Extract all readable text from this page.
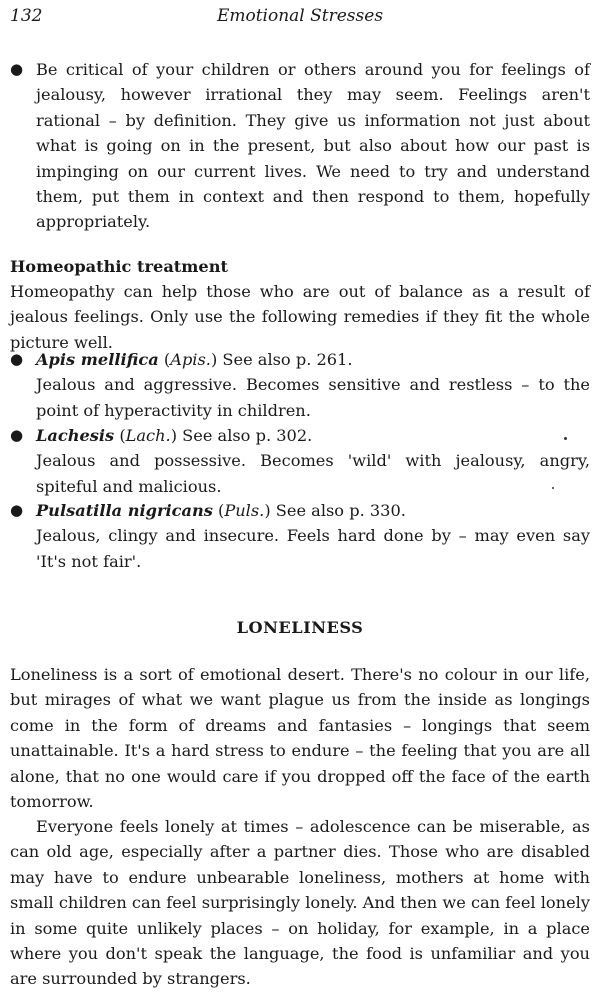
132	Emotional Stresses
● Be critical of your children or others around you for feelings of jealousy, however irrational they may seem. Feelings aren't rational – by definition. They give us information not just about what is going on in the present, but also about how our past is impinging on our current lives. We need to try and understand them, put them in context and then respond to them, hopefully appropriately.
Homeopathic treatment
Homeopathy can help those who are out of balance as a result of jealous feelings. Only use the following remedies if they fit the whole picture well.
● Apis mellifica (Apis.) See also p. 261.
Jealous and aggressive. Becomes sensitive and restless – to the point of hyperactivity in children.
● Lachesis (Lach.) See also p. 302.
Jealous and possessive. Becomes 'wild' with jealousy, angry, spiteful and malicious.
● Pulsatilla nigricans (Puls.) See also p. 330.
Jealous, clingy and insecure. Feels hard done by – may even say 'It's not fair'.
LONELINESS

Loneliness is a sort of emotional desert. There's no colour in our life, but mirages of what we want plague us from the inside as longings come in the form of dreams and fantasies – longings that seem unattainable. It's a hard stress to endure – the feeling that you are all alone, that no one would care if you dropped off the face of the earth tomorrow.

Everyone feels lonely at times – adolescence can be miserable, as can old age, especially after a partner dies. Those who are disabled may have to endure unbearable loneliness, mothers at home with small children can feel surprisingly lonely. And then we can feel lonely in some quite unlikely places – on holiday, for example, in a place where you don't speak the language, the food is unfamiliar and you are surrounded by strangers.
